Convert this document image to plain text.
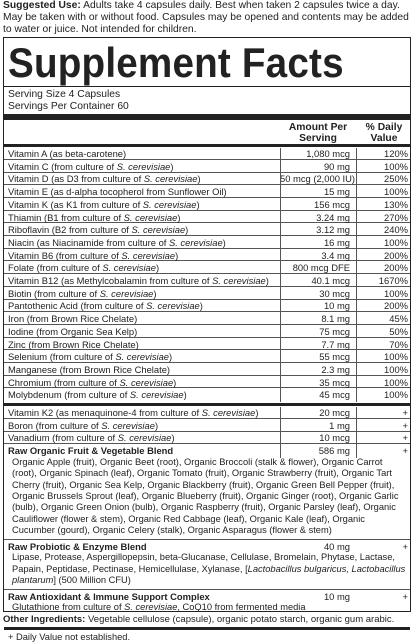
Suggested Use: Adults take 4 capsules daily. Best when taken 2 capsules twice a day. May be taken with or without food. Capsules may be opened and contents may be added to water or juice. Not intended for children.
Supplement Facts
Serving Size 4 Capsules
Servings Per Container 60
Amount Per
Serving
% Daily
Value
Vitamin A (as beta-carotene)	1,080 mcg	120%
Vitamin C (from culture of S. cerevisiae)	90 mg	100%
Vitamin D (as D3 from culture of S. cerevisiae)	50 mcg (2,000 IU)	250%
Vitamin E (as d-alpha tocopherol from Sunflower Oil)	15 mg	100%
Vitamin K (as K1 from culture of S. cerevisiae)	156 mcg	130%
Thiamin (B1 from culture of S. cerevisiae)	3.24 mg	270%
Riboflavin (B2 from culture of S. cerevisiae)	3.12 mg	240%
Niacin (as Niacinamide from culture of S. cerevisiae)	16 mg	100%
Vitamin B6 (from culture of S. cerevisiae)	3.4 mg	200%
Folate (from culture of S. cerevisiae)	800 mcg DFE	200%
Vitamin B12 (as Methylcobalamin from culture of S. cerevisiae)	40.1 mcg	1670%
Biotin (from culture of S. cerevisiae)	30 mcg	100%
Pantothenic Acid (from culture of S. cerevisiae)	10 mg	200%
Iron (from Brown Rice Chelate)	8.1 mg	45%
Iodine (from Organic Sea Kelp)	75 mcg	50%
Zinc (from Brown Rice Chelate)	7.7 mg	70%
Selenium (from culture of S. cerevisiae)	55 mcg	100%
Manganese (from Brown Rice Chelate)	2.3 mg	100%
Chromium (from culture of S. cerevisiae)	35 mcg	100%
Molybdenum (from culture of S. cerevisiae)	45 mcg	100%
Vitamin K2 (as menaquinone-4 from culture of S. cerevisiae)	20 mcg	+
Boron (from culture of S. cerevisiae)	1 mg	+
Vanadium (from culture of S. cerevisiae)	10 mcg	+
Raw Organic Fruit & Vegetable Blend	586 mg	+
Organic Apple (fruit), Organic Beet (root), Organic Broccoli (stalk & flower), Organic Carrot (root), Organic Spinach (leaf), Organic Tomato (fruit), Organic Strawberry (fruit), Organic Tart Cherry (fruit), Organic Sea Kelp, Organic Blackberry (fruit), Organic Green Bell Pepper (fruit), Organic Brussels Sprout (leaf), Organic Blueberry (fruit), Organic Ginger (root), Organic Garlic (bulb), Organic Green Onion (bulb), Organic Raspberry (fruit), Organic Parsley (leaf), Organic Cauliflower (flower & stem), Organic Red Cabbage (leaf), Organic Kale (leaf), Organic Cucumber (gourd), Organic Celery (stalk), Organic Asparagus (flower & stem)
Raw Probiotic & Enzyme Blend	40 mg	+
Lipase, Protease, Aspergillopepsin, beta-Glucanase, Cellulase, Bromelain, Phytase, Lactase, Papain, Peptidase, Pectinase, Hemicellulase, Xylanase, [Lactobacillus bulgaricus, Lactobacillus plantarum] (500 Million CFU)
Raw Antioxidant & Immune Support Complex	10 mg	+
Glutathione from culture of S. cerevisiae, CoQ10 from fermented media
+ Daily Value not established.
Other Ingredients: Vegetable cellulose (capsule), organic potato starch, organic gum arabic.
